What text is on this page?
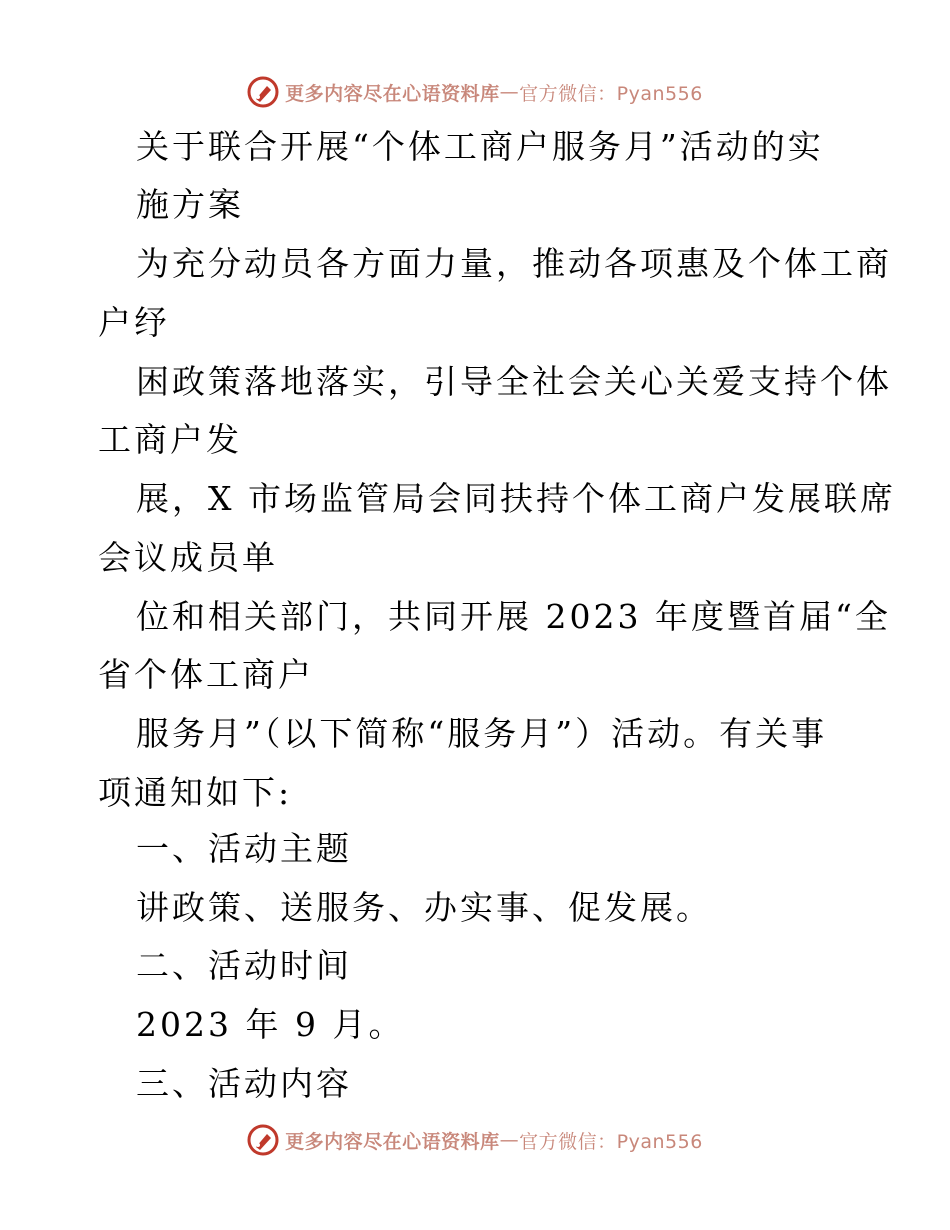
更多内容尽在心语资料库 — 官方微信：Pyan556
关于联合开展“个体工商户服务月”活动的实
施方案
为充分动员各方面力量，推动各项惠及个体工商
户纾
困政策落地落实，引导全社会关心关爱支持个体
工商户发
展，X 市场监管局会同扶持个体工商户发展联席
会议成员单
位和相关部门，共同开展 2023 年度暨首届“全
省个体工商户
服务月”（以下简称“服务月”）活动。有关事
项通知如下:
一、活动主题
讲政策、送服务、办实事、促发展。
二、活动时间
2023 年 9 月。
三、活动内容
更多内容尽在心语资料库 — 官方微信：Pyan556
